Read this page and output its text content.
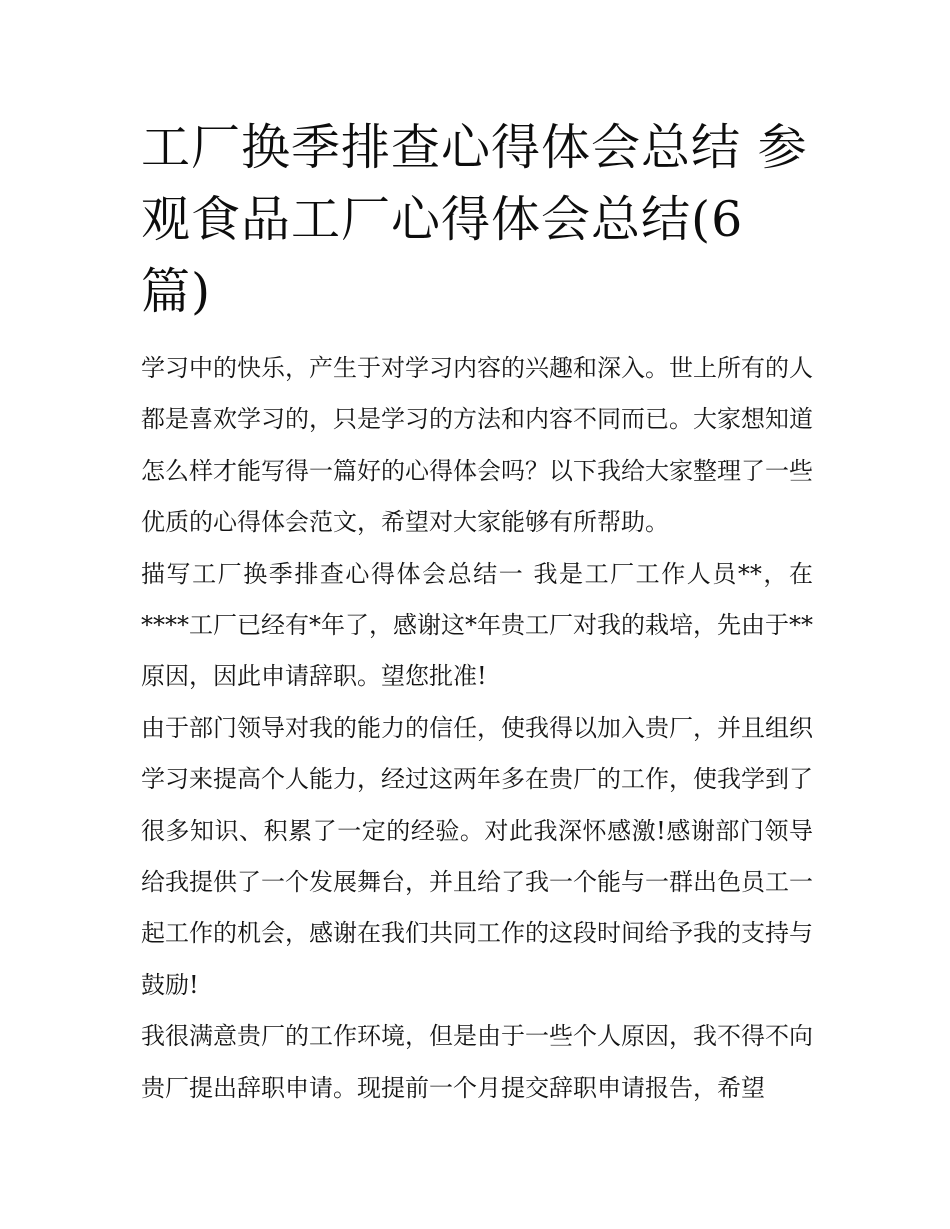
工厂换季排查心得体会总结 参观食品工厂心得体会总结(6篇)

学习中的快乐，产生于对学习内容的兴趣和深入。世上所有的人都是喜欢学习的，只是学习的方法和内容不同而已。大家想知道怎么样才能写得一篇好的心得体会吗？以下我给大家整理了一些优质的心得体会范文，希望对大家能够有所帮助。

描写工厂换季排查心得体会总结一 我是工厂工作人员**，在****工厂已经有*年了，感谢这*年贵工厂对我的栽培，先由于**原因，因此申请辞职。望您批准!

由于部门领导对我的能力的信任，使我得以加入贵厂，并且组织学习来提高个人能力，经过这两年多在贵厂的工作，使我学到了很多知识、积累了一定的经验。对此我深怀感激!感谢部门领导给我提供了一个发展舞台，并且给了我一个能与一群出色员工一起工作的机会，感谢在我们共同工作的这段时间给予我的支持与鼓励!

我很满意贵厂的工作环境，但是由于一些个人原因，我不得不向贵厂提出辞职申请。现提前一个月提交辞职申请报告，希望
